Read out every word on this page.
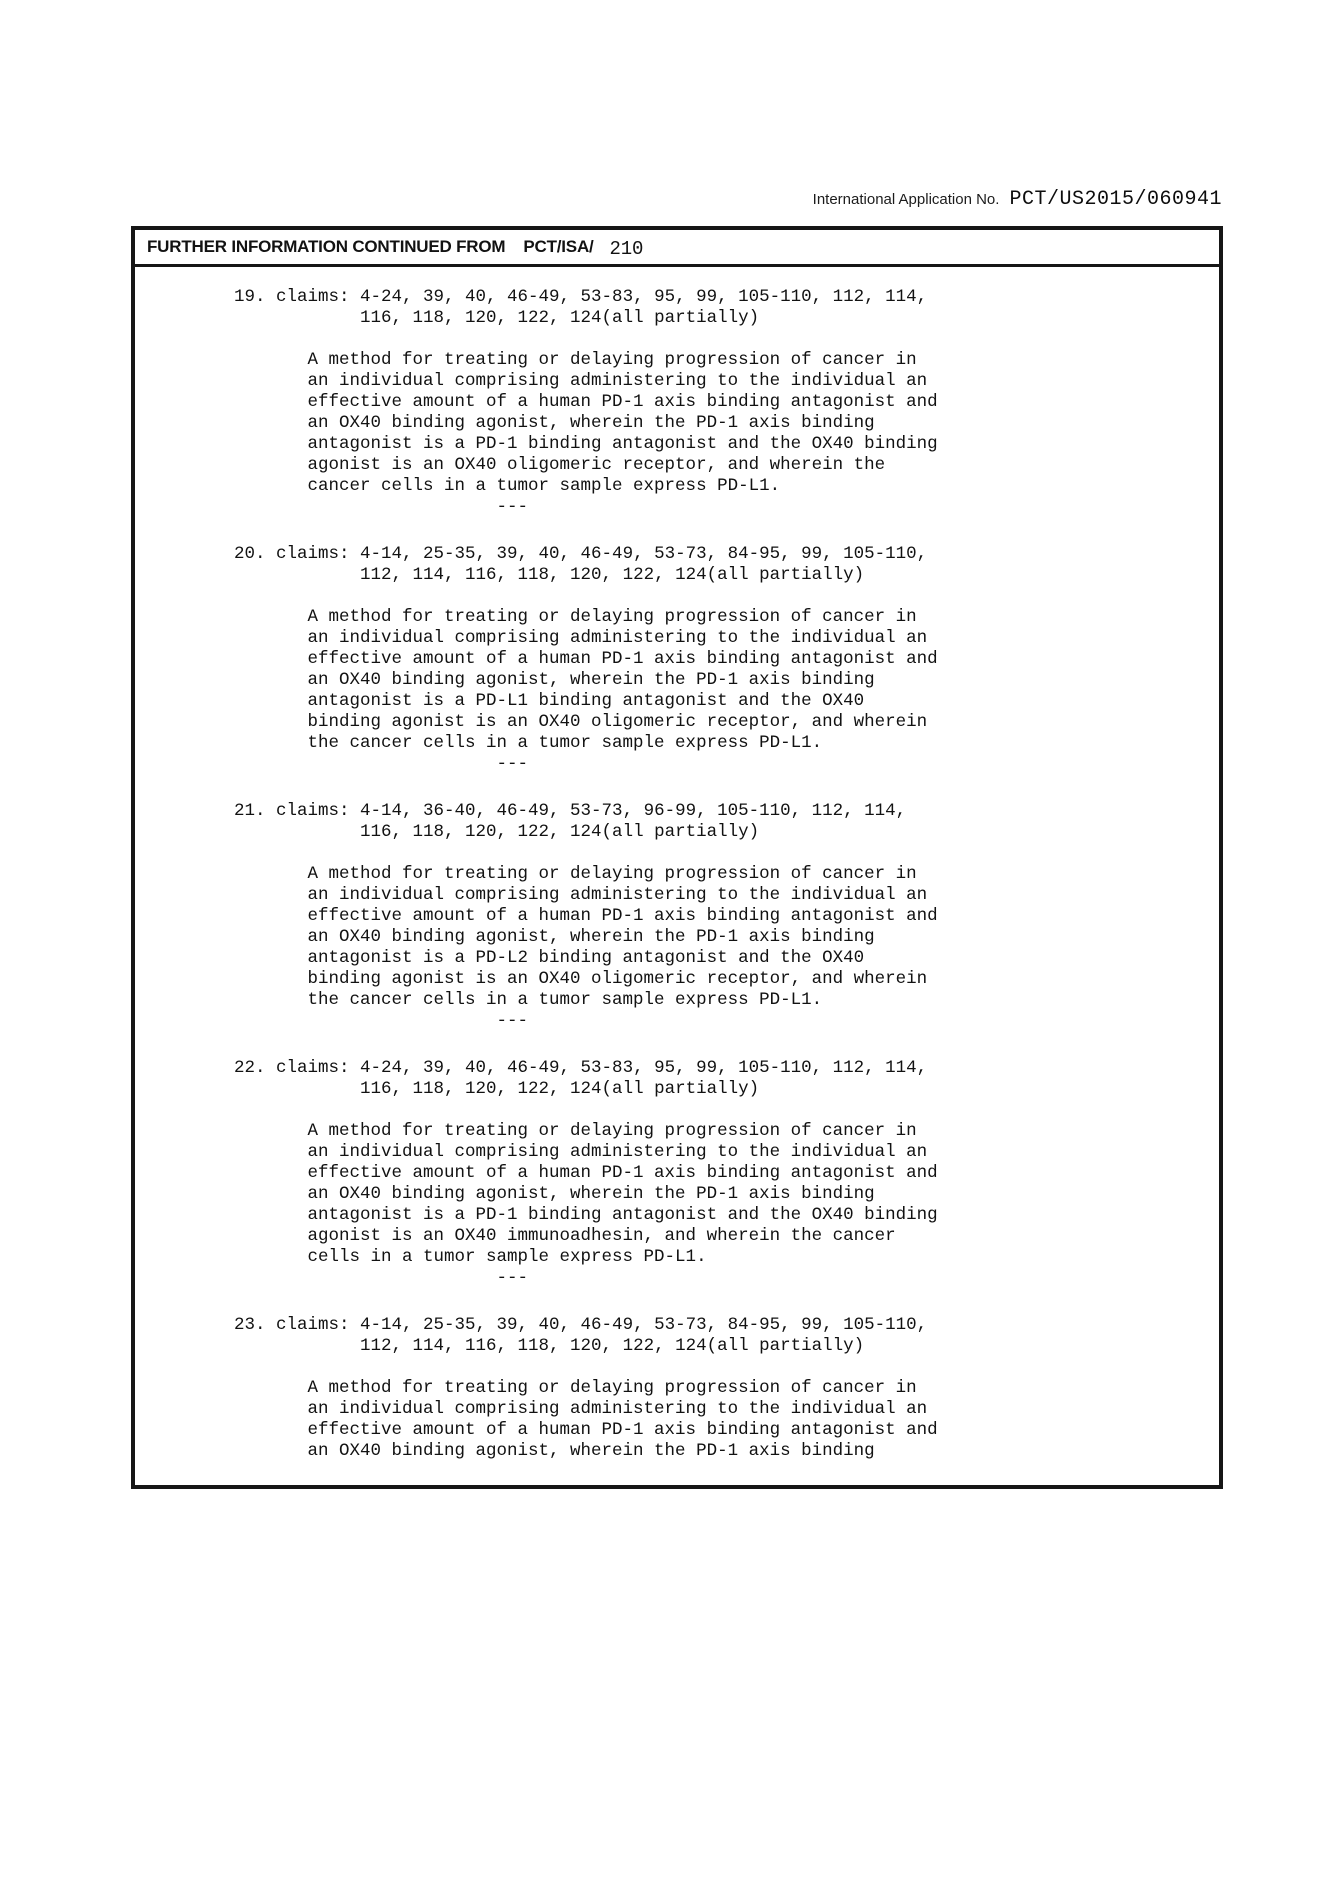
International Application No. PCT/US2015/060941
FURTHER INFORMATION CONTINUED FROM PCT/ISA/ 210
19. claims: 4-24, 39, 40, 46-49, 53-83, 95, 99, 105-110, 112, 114,
116, 118, 120, 122, 124(all partially)
A method for treating or delaying progression of cancer in
an individual comprising administering to the individual an
effective amount of a human PD-1 axis binding antagonist and
an OX40 binding agonist, wherein the PD-1 axis binding
antagonist is a PD-1 binding antagonist and the OX40 binding
agonist is an OX40 oligomeric receptor, and wherein the
cancer cells in a tumor sample express PD-L1.
---
20. claims: 4-14, 25-35, 39, 40, 46-49, 53-73, 84-95, 99, 105-110,
112, 114, 116, 118, 120, 122, 124(all partially)
A method for treating or delaying progression of cancer in
an individual comprising administering to the individual an
effective amount of a human PD-1 axis binding antagonist and
an OX40 binding agonist, wherein the PD-1 axis binding
antagonist is a PD-L1 binding antagonist and the OX40
binding agonist is an OX40 oligomeric receptor, and wherein
the cancer cells in a tumor sample express PD-L1.
---
21. claims: 4-14, 36-40, 46-49, 53-73, 96-99, 105-110, 112, 114,
116, 118, 120, 122, 124(all partially)
A method for treating or delaying progression of cancer in
an individual comprising administering to the individual an
effective amount of a human PD-1 axis binding antagonist and
an OX40 binding agonist, wherein the PD-1 axis binding
antagonist is a PD-L2 binding antagonist and the OX40
binding agonist is an OX40 oligomeric receptor, and wherein
the cancer cells in a tumor sample express PD-L1.
---
22. claims: 4-24, 39, 40, 46-49, 53-83, 95, 99, 105-110, 112, 114,
116, 118, 120, 122, 124(all partially)
A method for treating or delaying progression of cancer in
an individual comprising administering to the individual an
effective amount of a human PD-1 axis binding antagonist and
an OX40 binding agonist, wherein the PD-1 axis binding
antagonist is a PD-1 binding antagonist and the OX40 binding
agonist is an OX40 immunoadhesin, and wherein the cancer
cells in a tumor sample express PD-L1.
---
23. claims: 4-14, 25-35, 39, 40, 46-49, 53-73, 84-95, 99, 105-110,
112, 114, 116, 118, 120, 122, 124(all partially)
A method for treating or delaying progression of cancer in
an individual comprising administering to the individual an
effective amount of a human PD-1 axis binding antagonist and
an OX40 binding agonist, wherein the PD-1 axis binding
